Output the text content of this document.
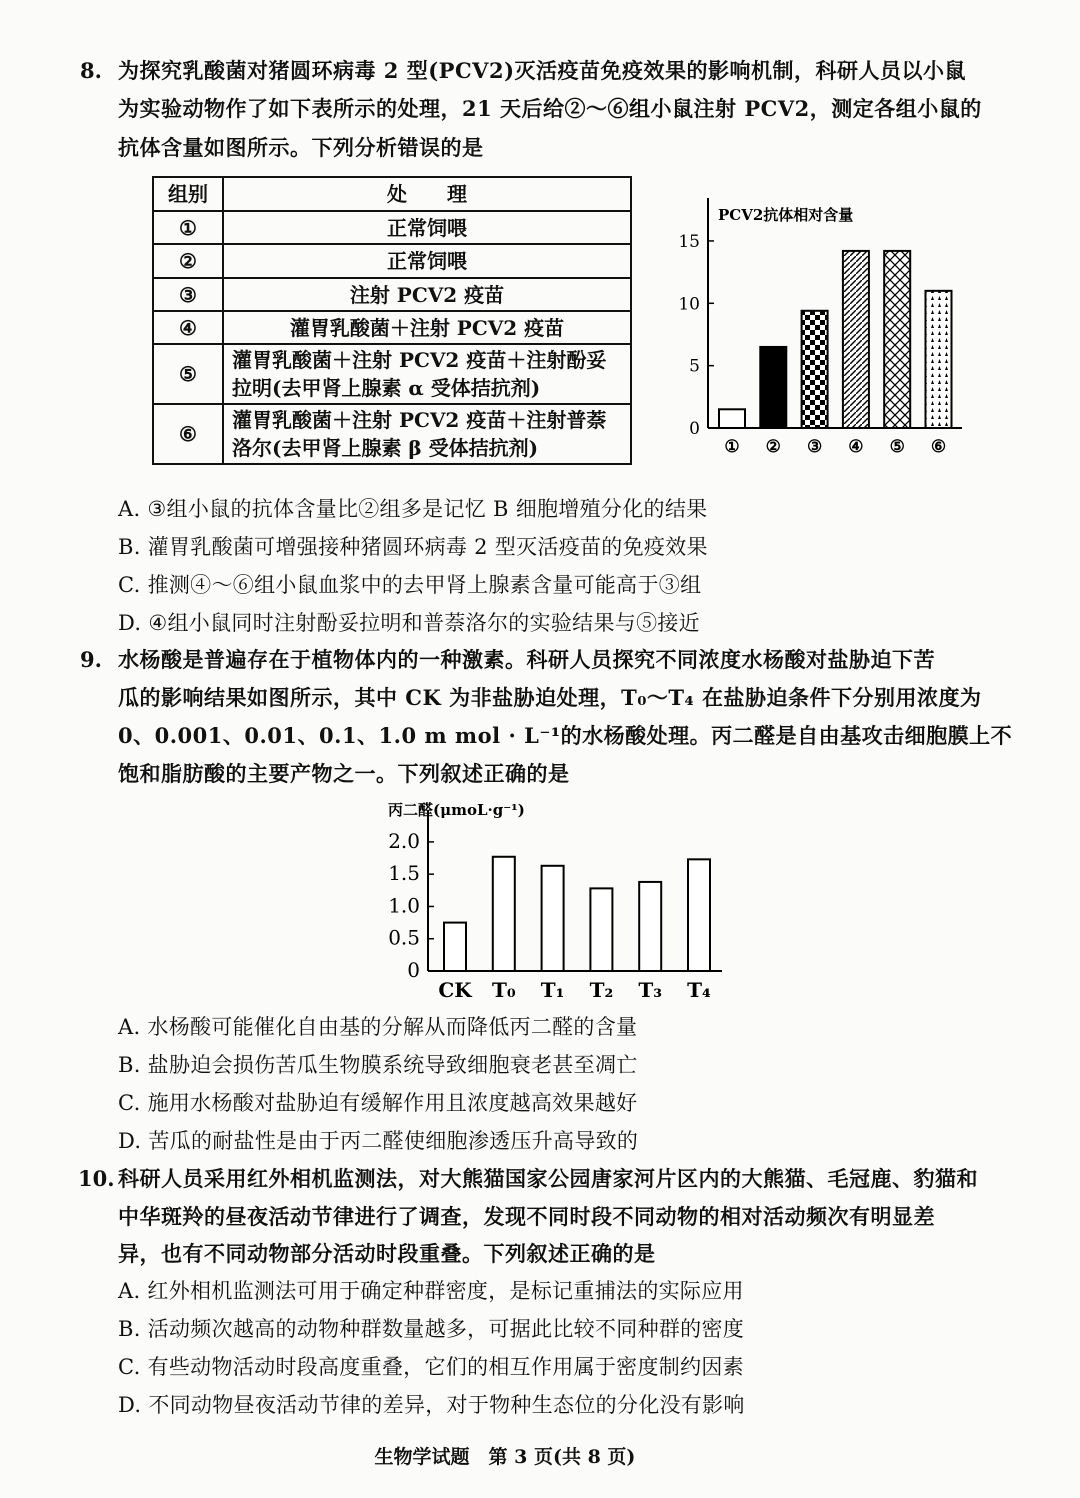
8. 为探究乳酸菌对猪圆环病毒 2 型(PCV2)灭活疫苗免疫效果的影响机制，科研人员以小鼠
为实验动物作了如下表所示的处理，21 天后给②～⑥组小鼠注射 PCV2，测定各组小鼠的
抗体含量如图所示。下列分析错误的是
组别	处　　理
①	正常饲喂
②	正常饲喂
③	注射 PCV2 疫苗
④	灌胃乳酸菌＋注射 PCV2 疫苗
⑤	灌胃乳酸菌＋注射 PCV2 疫苗＋注射酚妥拉明(去甲肾上腺素 α 受体拮抗剂)
⑥	灌胃乳酸菌＋注射 PCV2 疫苗＋注射普萘洛尔(去甲肾上腺素 β 受体拮抗剂)
PCV2抗体相对含量
0
5
10
15
① ② ③ ④ ⑤ ⑥
A. ③组小鼠的抗体含量比②组多是记忆 B 细胞增殖分化的结果
B. 灌胃乳酸菌可增强接种猪圆环病毒 2 型灭活疫苗的免疫效果
C. 推测④～⑥组小鼠血浆中的去甲肾上腺素含量可能高于③组
D. ④组小鼠同时注射酚妥拉明和普萘洛尔的实验结果与⑤接近
9. 水杨酸是普遍存在于植物体内的一种激素。科研人员探究不同浓度水杨酸对盐胁迫下苦
瓜的影响结果如图所示，其中 CK 为非盐胁迫处理，T₀～T₄ 在盐胁迫条件下分别用浓度为
0、0.001、0.01、0.1、1.0 m mol · L⁻¹的水杨酸处理。丙二醛是自由基攻击细胞膜上不
饱和脂肪酸的主要产物之一。下列叙述正确的是
丙二醛(μmoL·g⁻¹)
0
0.5
1.0
1.5
2.0
CK T₀ T₁ T₂ T₃ T₄
A. 水杨酸可能催化自由基的分解从而降低丙二醛的含量
B. 盐胁迫会损伤苦瓜生物膜系统导致细胞衰老甚至凋亡
C. 施用水杨酸对盐胁迫有缓解作用且浓度越高效果越好
D. 苦瓜的耐盐性是由于丙二醛使细胞渗透压升高导致的
10. 科研人员采用红外相机监测法，对大熊猫国家公园唐家河片区内的大熊猫、毛冠鹿、豹猫和
中华斑羚的昼夜活动节律进行了调查，发现不同时段不同动物的相对活动频次有明显差
异，也有不同动物部分活动时段重叠。下列叙述正确的是
A. 红外相机监测法可用于确定种群密度，是标记重捕法的实际应用
B. 活动频次越高的动物种群数量越多，可据此比较不同种群的密度
C. 有些动物活动时段高度重叠，它们的相互作用属于密度制约因素
D. 不同动物昼夜活动节律的差异，对于物种生态位的分化没有影响
生物学试题　第 3 页(共 8 页)
